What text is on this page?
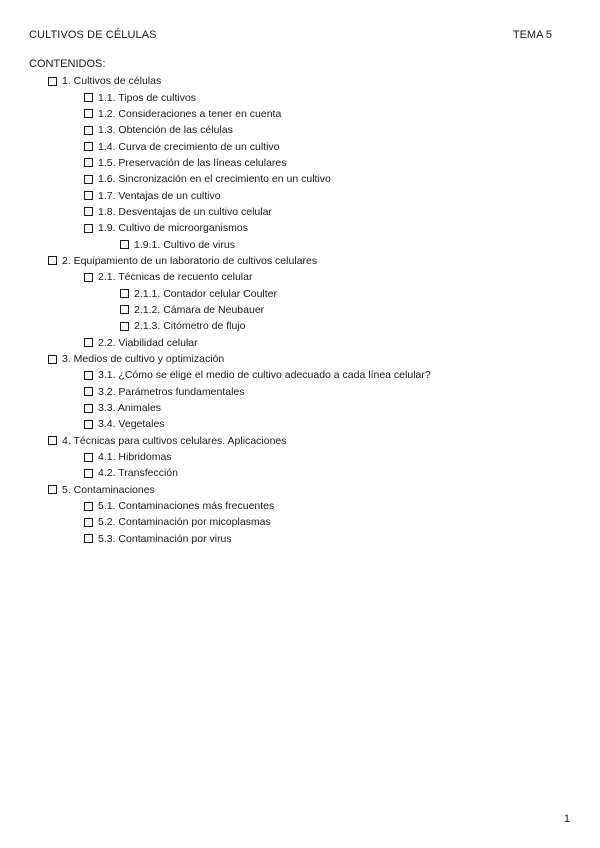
CULTIVOS DE CÉLULAS	TEMA 5
CONTENIDOS:
1. Cultivos de células
1.1. Tipos de cultivos
1.2. Consideraciones a tener en cuenta
1.3. Obtención de las células
1.4. Curva de crecimiento de un cultivo
1.5. Preservación de las líneas celulares
1.6. Sincronización en el crecimiento en un cultivo
1.7. Ventajas de un cultivo
1.8. Desventajas de un cultivo celular
1.9. Cultivo de microorganismos
1.9.1. Cultivo de virus
2. Equipamiento de un laboratorio de cultivos celulares
2.1. Técnicas de recuento celular
2.1.1. Contador celular Coulter
2.1.2. Cámara de Neubauer
2.1.3. Citómetro de flujo
2.2. Viabilidad celular
3. Medios de cultivo y optimización
3.1. ¿Cómo se elige el medio de cultivo adecuado a cada línea celular?
3.2. Parámetros fundamentales
3.3. Animales
3.4. Vegetales
4. Técnicas para cultivos celulares. Aplicaciones
4.1. Hibridomas
4.2. Transfección
5. Contaminaciones
5.1. Contaminaciones más frecuentes
5.2. Contaminación por micoplasmas
5.3. Contaminación por virus
1
